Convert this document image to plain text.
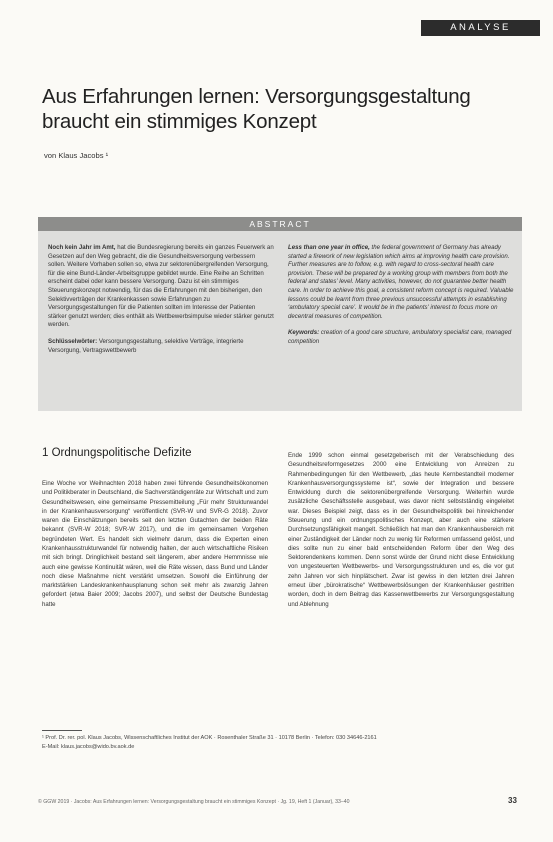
ANALYSE
Aus Erfahrungen lernen: Versorgungsgestaltung
braucht ein stimmiges Konzept
von Klaus Jacobs ¹
ABSTRACT

Noch kein Jahr im Amt, hat die Bundesregierung bereits ein ganzes Feuerwerk an Gesetzen auf den Weg gebracht, die die Gesundheitsversorgung verbessern sollen. Weitere Vorhaben sollen so, etwa zur sektorenübergreifenden Versorgung, für die eine Bund-Länder-Arbeitsgruppe gebildet wurde. Eine Reihe an Schritten erscheint dabei oder kann bessere Versorgung. Dazu ist ein stimmiges Steuerungskonzept notwendig, für das die Erfahrungen mit den bisherigen, den Selektivverträgen der Krankenkassen sowie Erfahrungen zu Versorgungsgestaltungen für die Patienten sollten im Interesse der Patienten stärker genutzt werden; dies enthält als Wettbewerbsimpulse wieder stärker genutzt werden.

Schlüsselwörter: Versorgungsgestaltung, selektive Verträge, integrierte Versorgung, Vertragswettbewerb

Less than one year in office, the federal government of Germany has already started a firework of new legislation which aims at improving health care provision. Further measures are to follow, e.g. with regard to cross-sectoral health care provision. These will be prepared by a working group with members from both the federal and states' level. Many activities, however, do not guarantee better health care. In order to achieve this goal, a consistent reform concept is required. Valuable lessons could be learnt from three previous unsuccessful attempts in establishing ‘ambulatory special care’. It would be in the patients' interest to focus more on decentral measures of competition.

Keywords: creation of a good care structure, ambulatory specialist care, managed competition

1 Ordnungspolitische Defizite
Eine Woche vor Weihnachten 2018 haben zwei führende Gesundheitsökonomen und Politikberater in Deutschland, die Sachverständigenräte zur Wirtschaft und zum Gesundheitswesen, eine gemeinsame Pressemitteilung „Für mehr Strukturwandel in der Krankenhausversorgung“ veröffentlicht (SVR-W und SVR-G 2018). Zuvor waren die Einschätzungen bereits seit den letzten Gutachten der beiden Räte bekannt (SVR-W 2018; SVR-W 2017), und die im gemeinsamen Vorgehen begründeten Wert. Es handelt sich vielmehr darum, dass die Experten einen Krankenhausstrukturwandel für notwendig halten, der auch wirtschaftliche Risiken mit sich bringt. Dringlichkeit bestand seit längerem, aber andere Hemmnisse wie auch eine gewisse Kontinuität wären, weil die Räte wissen, dass Bund und Länder noch diese Maßnahme nicht verstärkt umsetzen. Sowohl die Einführung der marktstärken Landeskrankenhausplanung schon seit mehr als zwanzig Jahren gefordert (etwa Baier 2009; Jacobs 2007), und selbst der Deutsche Bundestag hatte
Ende 1999 schon einmal gesetzgeberisch mit der Verabschiedung des Gesundheitsreformgesetzes 2000 eine Entwicklung von Anreizen zu Rahmenbedingungen für den Wettbewerb, „das heute Kernbestandteil moderner Krankenhausversorgungssysteme ist“, sowie der Integration und bessere Entwicklung durch die sektorenübergreifende Versorgung. Weiterhin wurde zusätzliche Geschäftsstelle ausgebaut, was davor nicht selbstständig eingeleitet war. Dieses Beispiel zeigt, dass es in der Gesundheitspolitik bei hinreichender Steuerung und ein ordnungspolitisches Konzept, aber auch eine stärkere Durchsetzungsfähigkeit mangelt. Schließlich hat man den Krankenhausbereich mit einer Zuständigkeit der Länder noch zu wenig für Reformen umfassend gelöst, und dies sollte nun zu einer bald entscheidenden Reform über den Weg des Sektorendenkens kommen. Denn sonst würde der Grund nicht diese Entwicklung von ungesteuerten Wettbewerbs- und Versorgungsstrukturen und es, die vor gut zehn Jahren vor sich hinplätschert. Zwar ist gewiss in den letzten drei Jahren erneut über „bürokratische“ Wettbewerbslösungen der Krankenhäuser gestritten worden, doch in dem Beitrag das Kassenwettbewerbs zur Versorgungsgestaltung und Ablehnung
¹ Prof. Dr. rer. pol. Klaus Jacobs, Wissenschaftliches Institut der AOK · Rosenthaler Straße 31 · 10178 Berlin · Telefon: 030 34646-2161
E-Mail: klaus.jacobs@wido.bv.aok.de
© GGW 2019 · Jacobs: Aus Erfahrungen lernen: Versorgungsgestaltung braucht ein stimmiges Konzept · Jg. 19, Heft 1 (Januar), 33–40	33
